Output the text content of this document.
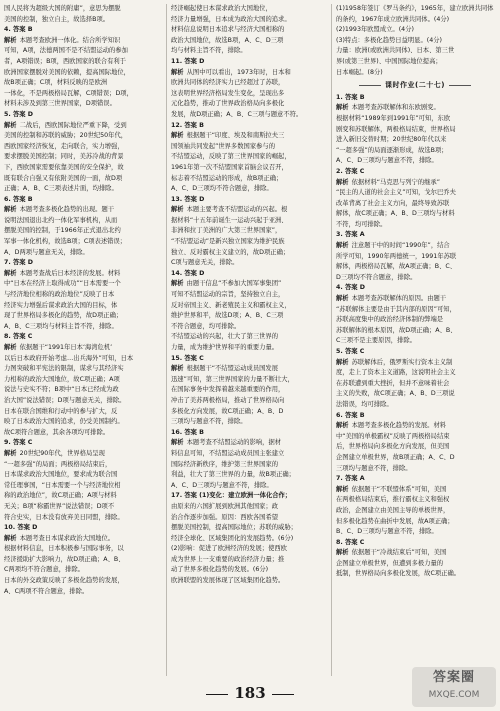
国人民将为超级大国的附庸”，意思为摆脱
美国的控制，独立自主，故选择B项。
4. 答案 B
解析 本题考查欧洲一体化。结合所学知识
可知，A项，法德两国不是不结盟运动的参加
者，A项错误；B项，西欧国家的联合有利于
欧洲国家摆脱对美国的依赖，提高国际地位，
故B项正确；C项，材料反映的是欧洲
一体化，不是两极格局瓦解，C项错误；D项，
材料未涉及到第三世界国家，D项错误。
5. 答案 D
解析 二战后，西欧国际地位严重下降，受到
美国的控制和苏联的威胁；20世纪50年代，
西欧国家经济恢复，走向联合，实力增强，
要求摆脱美国控制；同时，美苏冷战的背景
下，西欧国家需要依靠美国的安全保护，故
既有联合自强又有依附美国的一面，故D项
正确；A、B、C三项表述片面，均排除。
6. 答案 B
解析 本题考查多极化趋势的出现。题干
说明法国退出北约一体化军事机构，从而
摆脱美国的控制，于1966年正式退出北约
军事一体化机构，故选B项；C项表述错误；
A、D两项与题意无关，排除。
7. 答案 D
解析 本题考查战后日本经济的发展。材料
中“日本在经济上取得成功”“日本需要一个
与经济地位相称的政治地位”反映了日本
经济实力增强后谋求政治大国的目标，体
现了世界格局多极化的趋势，故D项正确；
A、B、C三项均与材料主旨不符，排除。
8. 答案 C
解析 依据题干“1991年日本‘海湾危机’
以后日本政府开始考虑…出兵海外”可知，日本
力图突破和平宪法的限制，谋求与其经济实
力相称的政治大国地位，故C项正确；A项
说法与史实不符；B项中“日本已经成为政
治大国”说法错误；D项与题意无关，排除。
日本在联合国维和行动中的参与扩大，反
映了日本政治大国的追求，仍受美国制约。
故C项符合题意，其余各项均可排除。
9. 答案 C
解析 20世纪90年代，世界格局呈现
“一超多强”的局面；两极格局结束后，
日本谋求政治大国地位，要求成为联合国
常任理事国，“日本需要一个与经济地位相
称的政治地位”，故C项正确；A项与材料
无关；B项“称霸世界”说法错误；D项不
符合史实，日本没有放弃美日同盟，排除。
10. 答案 D
解析 本题考查日本谋求政治大国地位。
根据材料信息，日本积极参与国际事务，以
经济援助扩大影响力，故D项正确；A、B、
C两项均不符合题意，排除。
日本的外交政策反映了多极化趋势的发展，
A、C两项不符合题意，排除。
经济崛起使日本谋求政治大国地位，
经济力量增强，日本成为政治大国的追求。
材料信息说明日本追求与经济大国相称的
政治大国地位，故选B项，A、C、D三项
均与材料主旨不符，排除。
11. 答案 D
解析 从图中可以看出，1973年时，日本和
欧洲共同体的经济实力已经超过了苏联，
这表明世界经济格局发生变化，呈现出多
元化趋势，推动了世界政治格局向多极化
发展，故D项正确；A、B、C三项与题意不符。
12. 答案 B
解析 根据题干“印度、埃及和南斯拉夫三
国领袖共同发起”世界多数国家参与的
不结盟运动，反映了第三世界国家的崛起，
1961年第一次不结盟国家首脑会议召开，
标志着不结盟运动的形成，故B项正确；
A、C、D三项均不符合题意，排除。
13. 答案 D
解析 本题主要考查不结盟运动的兴起。根
据材料“十五年前诞生一运动兴起于亚洲、
非洲和拉丁美洲的广大第三世界国家”，
“不结盟运动”是新兴独立国家为维护民族
独立、反对霸权主义建立的，故D项正确；
C项与题意无关，排除。
14. 答案 D
解析 由题干信息“不参加大国军事集团”
可知不结盟运动的宗旨，坚持独立自主，
反对帝国主义、新老殖民主义和霸权主义，
维护世界和平，故选D项；A、B、C三项
不符合题意，均可排除。
不结盟运动的兴起，壮大了第三世界的
力量，成为维护世界和平的重要力量。
15. 答案 C
解析 根据题干“不结盟运动成员国发展
迅速”可知，第三世界国家的力量不断壮大，
在国际事务中发挥着越来越重要的作用，
冲击了美苏两极格局，推动了世界格局向
多极化方向发展，故C项正确；A、B、D
三项均与题意不符，排除。
16. 答案 B
解析 本题考查不结盟运动的影响，据材
料信息可知，不结盟运动成员国主张建立
国际经济新秩序，维护第三世界国家的
利益，壮大了第三世界的力量，故B项正确；
A、C、D三项均与题意不符，排除。
17. 答案 (1)变化：建立欧洲一体化合作；
由原来的六国扩展到欧洲其他国家；政
治合作逐步加强。原因：西欧各国希望
摆脱美国控制，提高国际地位；苏联的威胁；
经济全球化、区域集团化的发展趋势。(6分)
(2)影响：促进了欧洲经济的发展；使西欧
成为世界上一支重要的政治经济力量；推
动了世界多极化趋势的发展。(6分)
欧洲联盟的发展体现了区域集团化趋势。
(1)1958年签订《罗马条约》，1965年，建立欧洲共同体
的条约，1967年成立欧洲共同体。(4分)
(2)1993年欧盟成立。(4分)
(3)特点：多极化趋势日益明显。(4分)
力量：欧洲(或欧洲共同体)、日本、第三世
界(或第三世界)、中国国际地位提高；
日本崛起。(8分)
课时作业(二十七)
1. 答案 B
解析 本题考查苏联解体和东欧剧变。
根据材料“1989年到1991年”可知，东欧
剧变和苏联解体，两极格局结束，世界格局
进入新旧交替时期；20世纪80年代以来
“一超多强”的局面逐渐形成，故选B项；
A、C、D三项均与题意不符，排除。
2. 答案 C
解析 依据材料“马克思与列宁的继承”
“民主的人道的社会主义”可知，戈尔巴乔夫
改革背离了社会主义方向，最终导致苏联
解体，故C项正确；A、B、D三项均与材料
不符，均可排除。
3. 答案 A
解析 注意题干中的时间“1990年”，结合
所学可知，1990年两德统一，1991年苏联
解体，两极格局瓦解，故A项正确；B、C、
D三项均不符合题意，排除。
4. 答案 D
解析 本题考查苏联解体的原因。由题干
“苏联解体主要是由于其内部的原因”可知，
苏联高度集中的政治经济体制的弊端是
苏联解体的根本原因，故D项正确；A、B、
C三项不是主要原因，排除。
5. 答案 C
解析 苏联解体后，俄罗斯实行资本主义制
度，走上了资本主义道路，这说明社会主义
在苏联遭到重大挫折，但并不意味着社会
主义的失败，故C项正确；A、B、D三项说
法错误，均可排除。
6. 答案 B
解析 本题考查多极化趋势的发展。材料
中“美国的单极霸权”反映了两极格局结束
后，世界格局向多极化方向发展，但美国
企图建立单极世界，故B项正确；A、C、D
三项均与题意不符，排除。
7. 答案 A
解析 依据题干“不联盟体系”可知，美国
在两极格局结束后，推行霸权主义和强权
政治，企图建立由美国主导的单极世界，
但多极化趋势在曲折中发展，故A项正确；
B、C、D三项均与题意不符，排除。
8. 答案 C
解析 依据题干“冷战结束后”可知，美国
企图建立单极世界，但遭到多极力量的
抵制，世界格局向多极化发展，故C项正确。
183
答案圈
MXQE.COM
